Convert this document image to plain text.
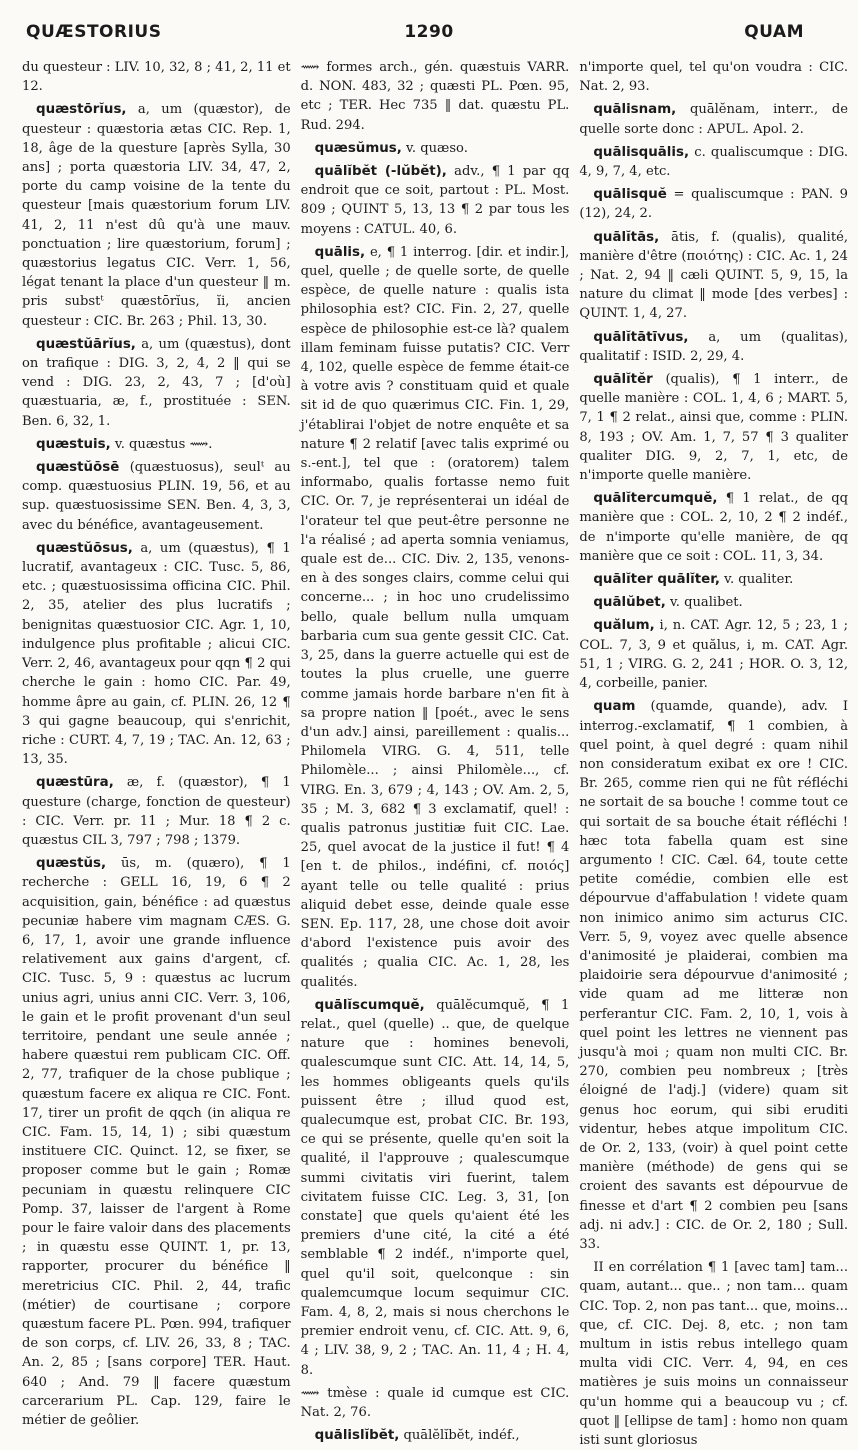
QUÆSTORIUS	1290	QUAM

du questeur : LIV. 10, 32, 8 ; 41, 2, 11 et 12.

quæstōrĭus, a, um (quæstor), de questeur : quæstoria ætas CIC. Rep. 1, 18, âge de la questure [après Sylla, 30 ans] ; porta quæstoria LIV. 34, 47, 2, porte du camp voisine de la tente du questeur [mais quæstorium forum LIV. 41, 2, 11 n'est dû qu'à une mauv. ponctuation ; lire quæstorium, forum] ; quæstorius legatus CIC. Verr. 1, 56, légat tenant la place d'un questeur ‖ m. pris substᵗ quæstōrĭus, ĭi, ancien questeur : CIC. Br. 263 ; Phil. 13, 30.

quæstŭārĭus, a, um (quæstus), dont on trafique : DIG. 3, 2, 4, 2 ‖ qui se vend : DIG. 23, 2, 43, 7 ; [d'où] quæstuaria, æ, f., prostituée : SEN. Ben. 6, 32, 1.

quæstuis, v. quæstus ⟿.

quæstŭōsē (quæstuosus), seulᵗ au comp. quæstuosius PLIN. 19, 56, et au sup. quæstuosissime SEN. Ben. 4, 3, 3, avec du bénéfice, avantageusement.

quæstŭōsus, a, um (quæstus), ¶ 1 lucratif, avantageux : CIC. Tusc. 5, 86, etc. ; quæstuosissima officina CIC. Phil. 2, 35, atelier des plus lucratifs ; benignitas quæstuosior CIC. Agr. 1, 10, indulgence plus profitable ; alicui CIC. Verr. 2, 46, avantageux pour qqn ¶ 2 qui cherche le gain : homo CIC. Par. 49, homme âpre au gain, cf. PLIN. 26, 12 ¶ 3 qui gagne beaucoup, qui s'enrichit, riche : CURT. 4, 7, 19 ; TAC. An. 12, 63 ; 13, 35.

quæstūra, æ, f. (quæstor), ¶ 1 questure (charge, fonction de questeur) : CIC. Verr. pr. 11 ; Mur. 18 ¶ 2 c. quæstus CIL 3, 797 ; 798 ; 1379.

quæstŭs, ūs, m. (quæro), ¶ 1 recherche : GELL 16, 19, 6 ¶ 2 acquisition, gain, bénéfice : ad quæstus pecuniæ habere vim magnam CÆS. G. 6, 17, 1, avoir une grande influence relativement aux gains d'argent, cf. CIC. Tusc. 5, 9 : quæstus ac lucrum unius agri, unius anni CIC. Verr. 3, 106, le gain et le profit provenant d'un seul territoire, pendant une seule année ; habere quæstui rem publicam CIC. Off. 2, 77, trafiquer de la chose publique ; quæstum facere ex aliqua re CIC. Font. 17, tirer un profit de qqch (in aliqua re CIC. Fam. 15, 14, 1) ; sibi quæstum instituere CIC. Quinct. 12, se fixer, se proposer comme but le gain ; Romæ pecuniam in quæstu relinquere CIC Pomp. 37, laisser de l'argent à Rome pour le faire valoir dans des placements ; in quæstu esse QUINT. 1, pr. 13, rapporter, procurer du bénéfice ‖ meretricius CIC. Phil. 2, 44, trafic (métier) de courtisane ; corpore quæstum facere PL. Pœn. 994, trafiquer de son corps, cf. LIV. 26, 33, 8 ; TAC. An. 2, 85 ; [sans corpore] TER. Haut. 640 ; And. 79 ‖ facere quæstum carcerarium PL. Cap. 129, faire le métier de geôlier.

⟿ formes arch., gén. quæstuis VARR. d. NON. 483, 32 ; quæsti PL. Pœn. 95, etc ; TER. Hec 735 ‖ dat. quæstu PL. Rud. 294.

quæsŭmus, v. quæso.

quālĭbĕt (-lŭbĕt), adv., ¶ 1 par qq endroit que ce soit, partout : PL. Most. 809 ; QUINT 5, 13, 13 ¶ 2 par tous les moyens : CATUL. 40, 6.

quālis, e, ¶ 1 interrog. [dir. et indir.], quel, quelle ; de quelle sorte, de quelle espèce, de quelle nature : qualis ista philosophia est? CIC. Fin. 2, 27, quelle espèce de philosophie est-ce là? qualem illam feminam fuisse putatis? CIC. Verr 4, 102, quelle espèce de femme était-ce à votre avis ? constituam quid et quale sit id de quo quærimus CIC. Fin. 1, 29, j'établirai l'objet de notre enquête et sa nature ¶ 2 relatif [avec talis exprimé ou s.-ent.], tel que : (oratorem) talem informabo, qualis fortasse nemo fuit CIC. Or. 7, je représenterai un idéal de l'orateur tel que peut-être personne ne l'a réalisé ; ad aperta somnia veniamus, quale est de... CIC. Div. 2, 135, venons-en à des songes clairs, comme celui qui concerne... ; in hoc uno crudelissimo bello, quale bellum nulla umquam barbaria cum sua gente gessit CIC. Cat. 3, 25, dans la guerre actuelle qui est de toutes la plus cruelle, une guerre comme jamais horde barbare n'en fit à sa propre nation ‖ [poét., avec le sens d'un adv.] ainsi, pareillement : qualis... Philomela VIRG. G. 4, 511, telle Philomèle... ; ainsi Philomèle..., cf. VIRG. En. 3, 679 ; 4, 143 ; OV. Am. 2, 5, 35 ; M. 3, 682 ¶ 3 exclamatif, quel! : qualis patronus justitiæ fuit CIC. Lae. 25, quel avocat de la justice il fut! ¶ 4 [en t. de philos., indéfini, cf. ποιός] ayant telle ou telle qualité : prius aliquid debet esse, deinde quale esse SEN. Ep. 117, 28, une chose doit avoir d'abord l'existence puis avoir des qualités ; qualia CIC. Ac. 1, 28, les qualités.

quālĭscumquĕ, quālĕcumquĕ, ¶ 1 relat., quel (quelle) .. que, de quelque nature que : homines benevoli, qualescumque sunt CIC. Att. 14, 14, 5, les hommes obligeants quels qu'ils puissent être ; illud quod est, qualecumque est, probat CIC. Br. 193, ce qui se présente, quelle qu'en soit la qualité, il l'approuve ; qualescumque summi civitatis viri fuerint, talem civitatem fuisse CIC. Leg. 3, 31, [on constate] que quels qu'aient été les premiers d'une cité, la cité a été semblable ¶ 2 indéf., n'importe quel, quel qu'il soit, quelconque : sin qualemcumque locum sequimur CIC. Fam. 4, 8, 2, mais si nous cherchons le premier endroit venu, cf. CIC. Att. 9, 6, 4 ; LIV. 38, 9, 2 ; TAC. An. 11, 4 ; H. 4, 8.

⟿ tmèse : quale id cumque est CIC. Nat. 2, 76.

quālislĭbĕt, quālĕlĭbĕt, indéf.,

n'importe quel, tel qu'on voudra : CIC. Nat. 2, 93.

quālisnam, quālĕnam, interr., de quelle sorte donc : APUL. Apol. 2.

quālisquālis, c. qualiscumque : DIG. 4, 9, 7, 4, etc.

quālisquĕ = qualiscumque : PAN. 9 (12), 24, 2.

quālĭtās, ātis, f. (qualis), qualité, manière d'être (ποιότης) : CIC. Ac. 1, 24 ; Nat. 2, 94 ‖ cæli QUINT. 5, 9, 15, la nature du climat ‖ mode [des verbes] : QUINT. 1, 4, 27.

quālĭtātīvus, a, um (qualitas), qualitatif : ISID. 2, 29, 4.

quālĭtĕr (qualis), ¶ 1 interr., de quelle manière : COL. 1, 4, 6 ; MART. 5, 7, 1 ¶ 2 relat., ainsi que, comme : PLIN. 8, 193 ; OV. Am. 1, 7, 57 ¶ 3 qualiter qualiter DIG. 9, 2, 7, 1, etc, de n'importe quelle manière.

quālĭtercumquĕ, ¶ 1 relat., de qq manière que : COL. 2, 10, 2 ¶ 2 indéf., de n'importe qu'elle manière, de qq manière que ce soit : COL. 11, 3, 34.

quālĭter quālĭter, v. qualiter.

quālŭbet, v. qualibet.

quălum, i, n. CAT. Agr. 12, 5 ; 23, 1 ; COL. 7, 3, 9 et quălus, i, m. CAT. Agr. 51, 1 ; VIRG. G. 2, 241 ; HOR. O. 3, 12, 4, corbeille, panier.

quam (quamde, quande), adv. I interrog.-exclamatif, ¶ 1 combien, à quel point, à quel degré : quam nihil non consideratum exibat ex ore ! CIC. Br. 265, comme rien qui ne fût réfléchi ne sortait de sa bouche ! comme tout ce qui sortait de sa bouche était réfléchi ! hæc tota fabella quam est sine argumento ! CIC. Cæl. 64, toute cette petite comédie, combien elle est dépourvue d'affabulation ! videte quam non inimico animo sim acturus CIC. Verr. 5, 9, voyez avec quelle absence d'animosité je plaiderai, combien ma plaidoirie sera dépourvue d'animosité ; vide quam ad me litteræ non perferantur CIC. Fam. 2, 10, 1, vois à quel point les lettres ne viennent pas jusqu'à moi ; quam non multi CIC. Br. 270, combien peu nombreux ; [très éloigné de l'adj.] (videre) quam sit genus hoc eorum, qui sibi eruditi videntur, hebes atque impolitum CIC. de Or. 2, 133, (voir) à quel point cette manière (méthode) de gens qui se croient des savants est dépourvue de finesse et d'art ¶ 2 combien peu [sans adj. ni adv.] : CIC. de Or. 2, 180 ; Sull. 33.

II en corrélation ¶ 1 [avec tam] tam... quam, autant... que.. ; non tam... quam CIC. Top. 2, non pas tant... que, moins... que, cf. CIC. Dej. 8, etc. ; non tam multum in istis rebus intellego quam multa vidi CIC. Verr. 4, 94, en ces matières je suis moins un connaisseur qu'un homme qui a beaucoup vu ; cf. quot ‖ [ellipse de tam] : homo non quam isti sunt gloriosus
